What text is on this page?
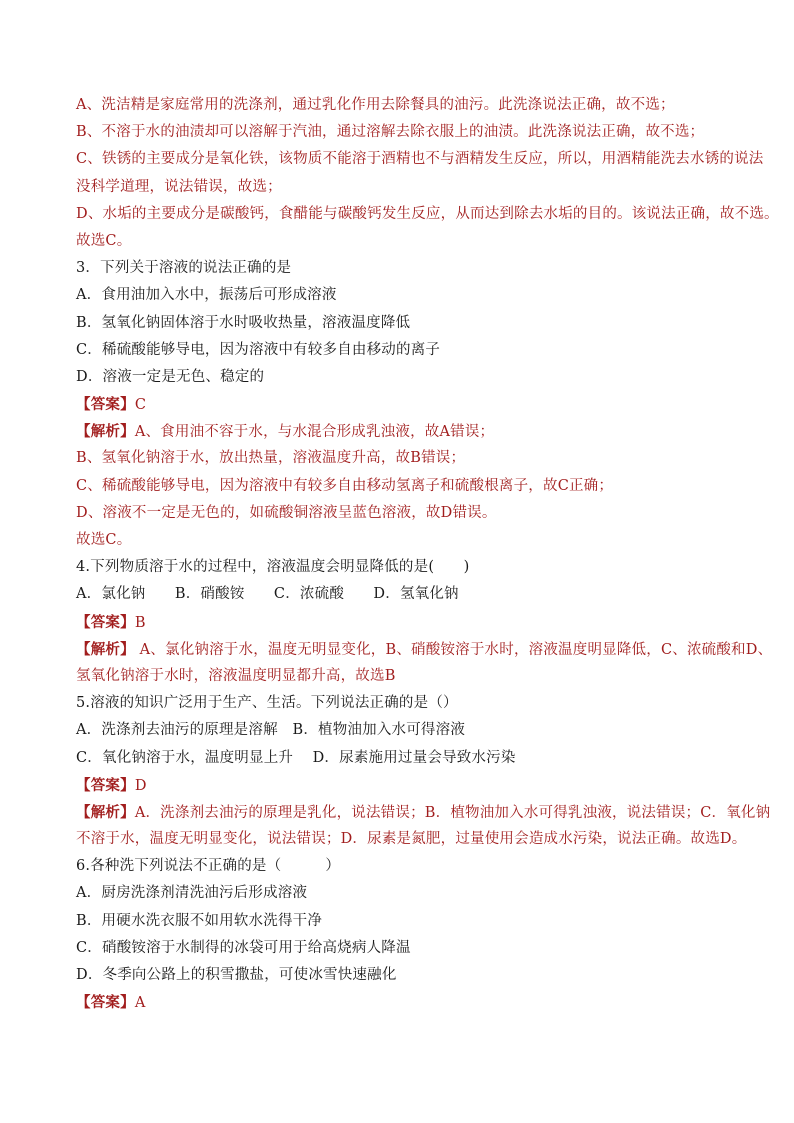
A、洗洁精是家庭常用的洗涤剂，通过乳化作用去除餐具的油污。此洗涤说法正确，故不选；
B、不溶于水的油渍却可以溶解于汽油，通过溶解去除衣服上的油渍。此洗涤说法正确，故不选；
C、铁锈的主要成分是氧化铁，该物质不能溶于酒精也不与酒精发生反应，所以，用酒精能洗去水锈的说法
没科学道理，说法错误，故选；
D、水垢的主要成分是碳酸钙，食醋能与碳酸钙发生反应，从而达到除去水垢的目的。该说法正确，故不选。
故选C。
3．下列关于溶液的说法正确的是
A．食用油加入水中，振荡后可形成溶液
B．氢氧化钠固体溶于水时吸收热量，溶液温度降低
C．稀硫酸能够导电，因为溶液中有较多自由移动的离子
D．溶液一定是无色、稳定的
【答案】C
【解析】A、食用油不容于水，与水混合形成乳浊液，故A错误；
B、氢氧化钠溶于水，放出热量，溶液温度升高，故B错误；
C、稀硫酸能够导电，因为溶液中有较多自由移动氢离子和硫酸根离子，故C正确；
D、溶液不一定是无色的，如硫酸铜溶液呈蓝色溶液，故D错误。
故选C。
4.下列物质溶于水的过程中，溶液温度会明显降低的是(　　)
A．氯化钠　　B．硝酸铵　　C．浓硫酸　　D．氢氧化钠
【答案】B
【解析】 A、氯化钠溶于水，温度无明显变化，B、硝酸铵溶于水时，溶液温度明显降低，C、浓硫酸和D、
氢氧化钠溶于水时，溶液温度明显都升高，故选B
5.溶液的知识广泛用于生产、生活。下列说法正确的是（）
A．洗涤剂去油污的原理是溶解　B．植物油加入水可得溶液
C．氧化钠溶于水，温度明显上升　 D．尿素施用过量会导致水污染
【答案】D
【解析】A．洗涤剂去油污的原理是乳化，说法错误；B．植物油加入水可得乳浊液，说法错误；C．氧化钠
不溶于水，温度无明显变化，说法错误；D．尿素是氮肥，过量使用会造成水污染，说法正确。故选D。
6.各种洗下列说法不正确的是（　　　）
A．厨房洗涤剂清洗油污后形成溶液
B．用硬水洗衣服不如用软水洗得干净
C．硝酸铵溶于水制得的冰袋可用于给高烧病人降温
D．冬季向公路上的积雪撒盐，可使冰雪快速融化
【答案】A
